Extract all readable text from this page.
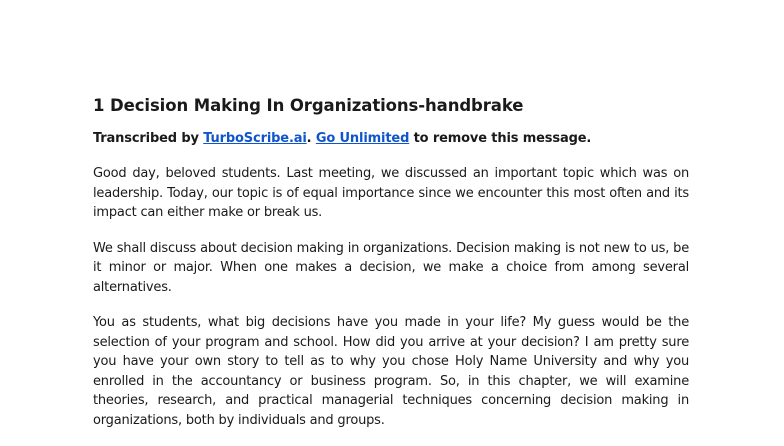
1 Decision Making In Organizations-handbrake

Transcribed by TurboScribe.ai. Go Unlimited to remove this message.

Good day, beloved students. Last meeting, we discussed an important topic which was on leadership. Today, our topic is of equal importance since we encounter this most often and its impact can either make or break us.

We shall discuss about decision making in organizations. Decision making is not new to us, be it minor or major. When one makes a decision, we make a choice from among several alternatives.

You as students, what big decisions have you made in your life? My guess would be the selection of your program and school. How did you arrive at your decision? I am pretty sure you have your own story to tell as to why you chose Holy Name University and why you enrolled in the accountancy or business program. So, in this chapter, we will examine theories, research, and practical managerial techniques concerning decision making in organizations, both by individuals and groups.
